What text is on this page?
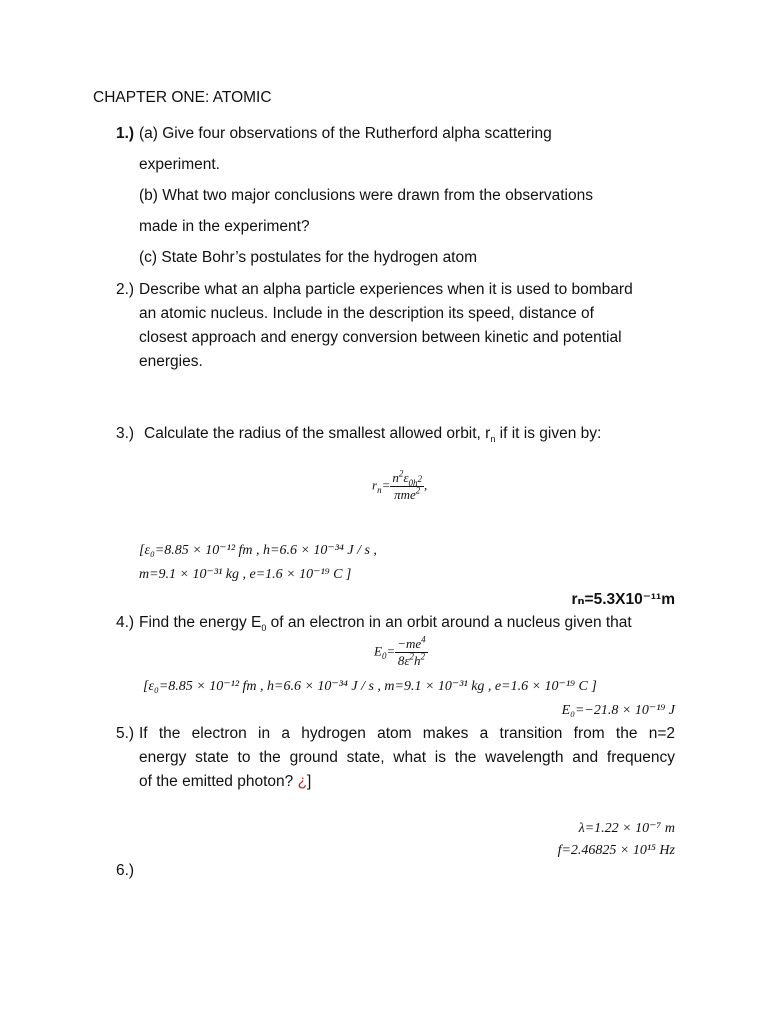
CHAPTER ONE: ATOMIC
1.) (a) Give four observations of the Rutherford alpha scattering
experiment.
(b) What two major conclusions were drawn from the observations
made in the experiment?
(c) State Bohr’s postulates for the hydrogen atom
2.) Describe what an alpha particle experiences when it is used to bombard
an atomic nucleus. Include in the description its speed, distance of
closest approach and energy conversion between kinetic and potential
energies.
3.) Calculate the radius of the smallest allowed orbit, $r_n$ if it is given by:
$r_n= \frac{n^2\varepsilon_{0h^2}}{\pi me^2}$ ,
[ε₀=8.85 × 10⁻¹² fm , h=6.6 × 10⁻³⁴ J / s ,
m=9.1 × 10⁻³¹ kg , e=1.6 × 10⁻¹⁹ C ]
rₙ=5.3X10⁻¹¹m
4.) Find the energy $E_0$ of an electron in an orbit around a nucleus given that
$E_0= \frac{-me^4}{8\varepsilon^2h^2}$
[ε₀=8.85 × 10⁻¹² fm , h=6.6 × 10⁻³⁴ J / s , m=9.1 × 10⁻³¹ kg , e=1.6 × 10⁻¹⁹ C ]
E₀=−21.8 × 10⁻¹⁹ J
5.) If the electron in a hydrogen atom makes a transition from the n=2
energy state to the ground state, what is the wavelength and frequency
of the emitted photon? ¿]
λ=1.22 × 10⁻⁷ m
f=2.46825 × 10¹⁵ Hz
6.)
